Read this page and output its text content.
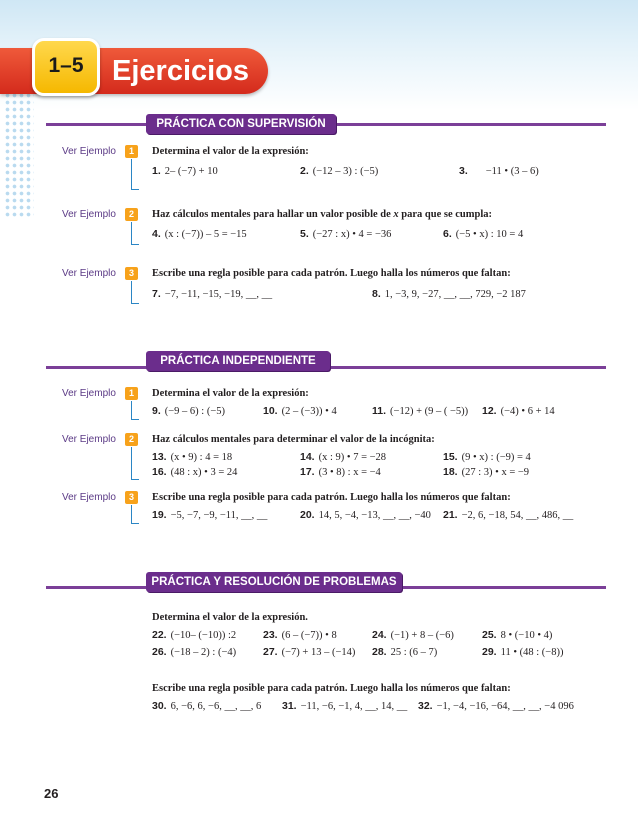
1–5 Ejercicios
PRÁCTICA CON SUPERVISIÓN
Ver Ejemplo	1	Determina el valor de la expresión:
1. 2– (−7) + 10	2. (−12 – 3) : (−5)	3. −11 • (3 – 6)
Ver Ejemplo	2	Haz cálculos mentales para hallar un valor posible de x para que se cumpla:
4. (x : (−7)) – 5 = −15	5. (−27 : x) • 4 = −36	6. (−5 • x) : 10 = 4
Ver Ejemplo	3	Escribe una regla posible para cada patrón. Luego halla los números que faltan:
7. −7, −11, −15, −19, __, __	8. 1, −3, 9, −27, __, __, 729, −2 187
PRÁCTICA INDEPENDIENTE
Ver Ejemplo	1	Determina el valor de la expresión:
9. (−9 – 6) : (−5)	10. (2 – (−3)) • 4	11. (−12) + (9 – ( −5)) 12. (−4) • 6 + 14
Ver Ejemplo	2	Haz cálculos mentales para determinar el valor de la incógnita:
13. (x • 9) : 4 = 18	14. (x : 9) • 7 = −28	15. (9 • x) : (−9) = 4
16. (48 : x) • 3 = 24	17. (3 • 8) : x = −4	18. (27 : 3) • x = −9
Ver Ejemplo	3	Escribe una regla posible para cada patrón. Luego halla los números que faltan:
19. −5, −7, −9, −11, __, __	20. 14, 5, −4, −13, __, __, −40 21. −2, 6, −18, 54, __, 486, __
PRÁCTICA Y RESOLUCIÓN DE PROBLEMAS
Determina el valor de la expresión.
22. (−10– (−10)) :2	23. (6 – (−7)) • 8	24. (−1) + 8 – (−6)	25. 8 • (−10 • 4)
26. (−18 – 2) : (−4)	27. (−7) + 13 – (−14) 28. 25 : (6 – 7)	29. 11 • (48 : (−8))
Escribe una regla posible para cada patrón. Luego halla los números que faltan:
30. 6, −6, 6, −6, __, __, 6 31. −11, −6, −1, 4, __, 14, __ 32. −1, −4, −16, −64, __, __, −4 096
26
